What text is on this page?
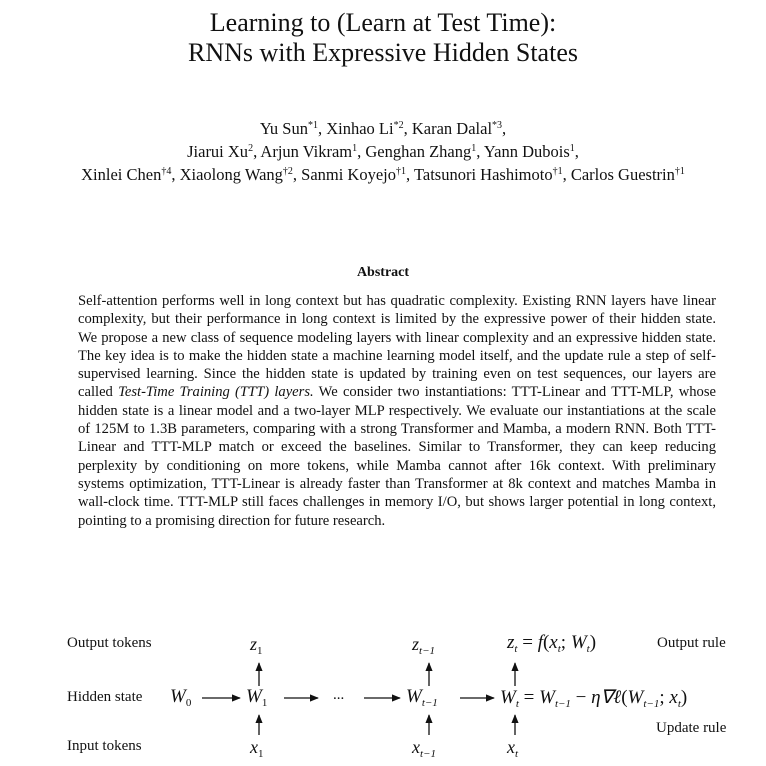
Learning to (Learn at Test Time):
RNNs with Expressive Hidden States
Yu Sun$^{*1}$, Xinhao Li$^{*2}$, Karan Dalal$^{*3}$,
Jiarui Xu$^2$, Arjun Vikram$^1$, Genghan Zhang$^1$, Yann Dubois$^1$,
Xinlei Chen$^{\dagger 4}$, Xiaolong Wang$^{\dagger 2}$, Sanmi Koyejo$^{\dagger 1}$, Tatsunori Hashimoto$^{\dagger 1}$, Carlos Guestrin$^{\dagger 1}$
Abstract

Self-attention performs well in long context but has quadratic complexity. Existing RNN layers have linear complexity, but their performance in long context is limited by the expressive power of their hidden state. We propose a new class of sequence modeling layers with linear complexity and an expressive hidden state. The key idea is to make the hidden state a machine learning model itself, and the update rule a step of self-supervised learning. Since the hidden state is updated by training even on test sequences, our layers are called Test-Time Training (TTT) layers. We consider two instantiations: TTT-Linear and TTT-MLP, whose hidden state is a linear model and a two-layer MLP respectively. We evaluate our instantiations at the scale of 125M to 1.3B parameters, comparing with a strong Transformer and Mamba, a modern RNN. Both TTT-Linear and TTT-MLP match or exceed the baselines. Similar to Transformer, they can keep reducing perplexity by conditioning on more tokens, while Mamba cannot after 16k context. With preliminary systems optimization, TTT-Linear is already faster than Transformer at 8k context and matches Mamba in wall-clock time. TTT-MLP still faces challenges in memory I/O, but shows larger potential in long context, pointing to a promising direction for future research.

Output tokens
Hidden state
Input tokens
$z_1$	$z_{t-1}$	$z_t = f(x_t$; $W_t$)	Output rule
$W_0$	$W_1$	...	$W_{t-1}$	$W_t = W_{t-1}$ − $\eta\nabla\ell(W_{t-1}$; $x_t$)
Update rule
$x_1$	$x_{t-1}$	$x_t$
